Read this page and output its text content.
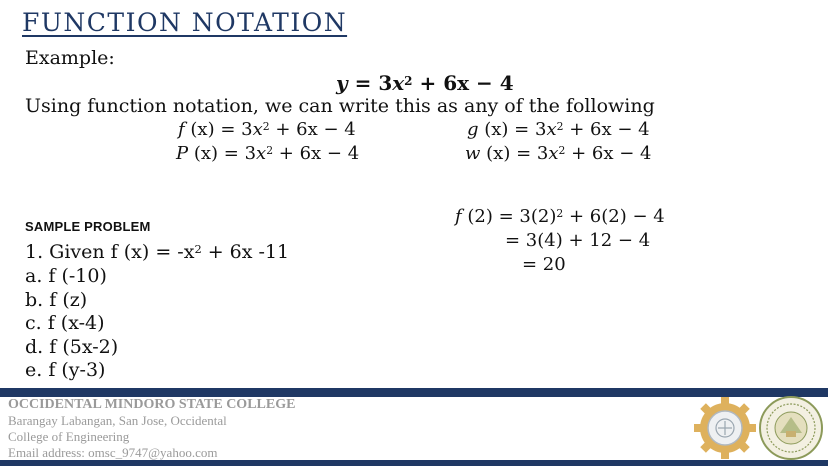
FUNCTION NOTATION
Example:
$y = 3x^2 + 6x - 4$
Using function notation, we can write this as any of the following
f $(x) = 3x^2 + 6x - 4$	g $(x) = 3x^2 + 6x - 4$
P $(x) = 3x^2 + 6x - 4$	w $(x) = 3x^2 + 6x - 4$
SAMPLE PROBLEM
1. Given f $(x) = -x^2 + 6x$ -11
a. f (-10)
b. f (z)
c. f (x-4)
d. f (5x-2)
e. f (y-3)
f $(2) = 3(2)^2 + 6(2) - 4$
= 3(4) + 12 − 4
= 20
OCCIDENTAL MINDORO STATE COLLEGE
Barangay Labangan, San Jose, Occidental
College of Engineering
Email address: omsc_9747@yahoo.com
